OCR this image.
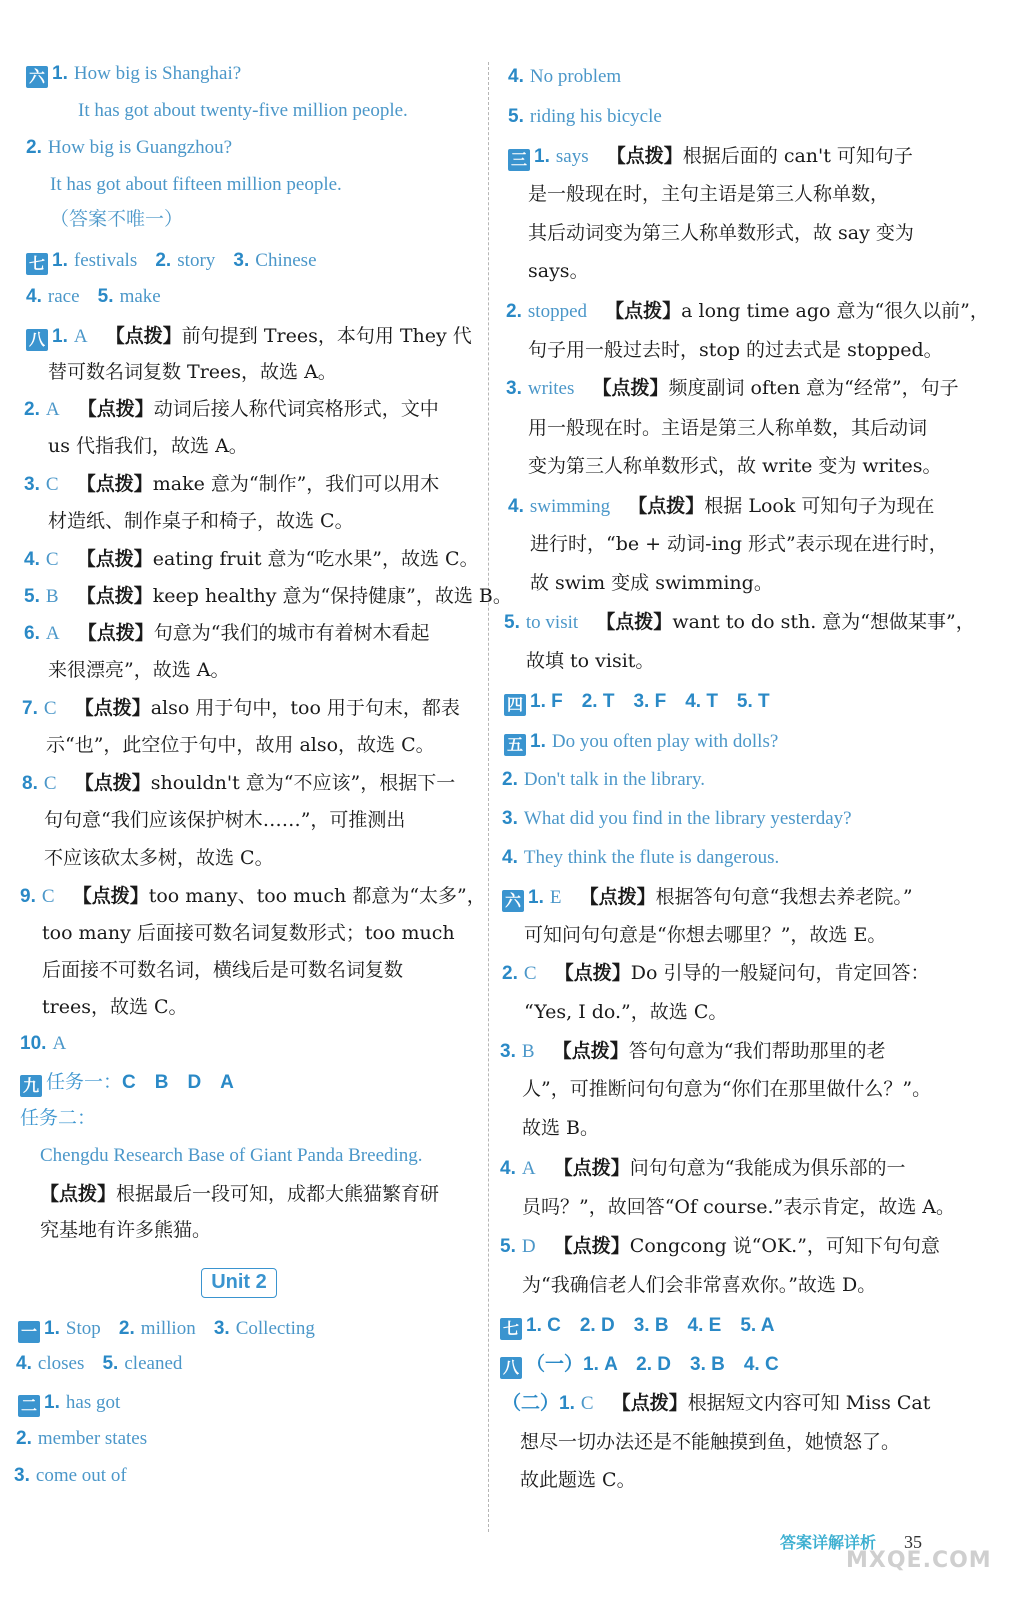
六 1. How big is Shanghai?
It has got about twenty-five million people.
2. How big is Guangzhou?
It has got about fifteen million people.
（答案不唯一）
七 1. festivals 2. story 3. Chinese
4. race 5. make
八 1. A 【点拨】前句提到 Trees，本句用 They 代
替可数名词复数 Trees，故选 A。
2. A 【点拨】动词后接人称代词宾格形式，文中
us 代指我们，故选 A。
3. C 【点拨】make 意为“制作”，我们可以用木
材造纸、制作桌子和椅子，故选 C。
4. C 【点拨】eating fruit 意为“吃水果”，故选 C。
5. B 【点拨】keep healthy 意为“保持健康”，故选 B。
6. A 【点拨】句意为“我们的城市有着树木看起
来很漂亮”，故选 A。
7. C 【点拨】also 用于句中，too 用于句末，都表
示“也”，此空位于句中，故用 also，故选 C。
8. C 【点拨】shouldn't 意为“不应该”，根据下一
句句意“我们应该保护树木……”，可推测出
不应该砍太多树，故选 C。
9. C 【点拨】too many、too much 都意为“太多”，
too many 后面接可数名词复数形式；too much
后面接不可数名词，横线后是可数名词复数
trees，故选 C。
10. A
九 任务一：C　B　D　A
任务二：
Chengdu Research Base of Giant Panda Breeding.
【点拨】根据最后一段可知，成都大熊猫繁育研
究基地有许多熊猫。
Unit 2
一 1. Stop 2. million 3. Collecting
4. closes 5. cleaned
二 1. has got
2. member states
3. come out of
4. No problem
5. riding his bicycle
三 1. says 【点拨】根据后面的 can't 可知句子
是一般现在时，主句主语是第三人称单数，
其后动词变为第三人称单数形式，故 say 变为
says。
2. stopped 【点拨】a long time ago 意为“很久以前”，
句子用一般过去时，stop 的过去式是 stopped。
3. writes 【点拨】频度副词 often 意为“经常”，句子
用一般现在时。主语是第三人称单数，其后动词
变为第三人称单数形式，故 write 变为 writes。
4. swimming 【点拨】根据 Look 可知句子为现在
进行时，“be + 动词-ing 形式”表示现在进行时，
故 swim 变成 swimming。
5. to visit 【点拨】want to do sth. 意为“想做某事”，
故填 to visit。
四 1. F　2. T　3. F　4. T　5. T
五 1. Do you often play with dolls?
2. Don't talk in the library.
3. What did you find in the library yesterday?
4. They think the flute is dangerous.
六 1. E 【点拨】根据答句句意“我想去养老院。”
可知问句句意是“你想去哪里？”，故选 E。
2. C 【点拨】Do 引导的一般疑问句，肯定回答：
“Yes, I do.”，故选 C。
3. B 【点拨】答句句意为“我们帮助那里的老
人”，可推断问句句意为“你们在那里做什么？”。
故选 B。
4. A 【点拨】问句句意为“我能成为俱乐部的一
员吗？”，故回答“Of course.”表示肯定，故选 A。
5. D 【点拨】Congcong 说“OK.”，可知下句句意
为“我确信老人们会非常喜欢你。”故选 D。
七 1. C　2. D　3. B　4. E　5. A
八 （一）1. A　2. D　3. B　4. C
（二）1. C 【点拨】根据短文内容可知 Miss Cat
想尽一切办法还是不能触摸到鱼，她愤怒了。
故此题选 C。
答案详解详析 35
MXQE.COM
